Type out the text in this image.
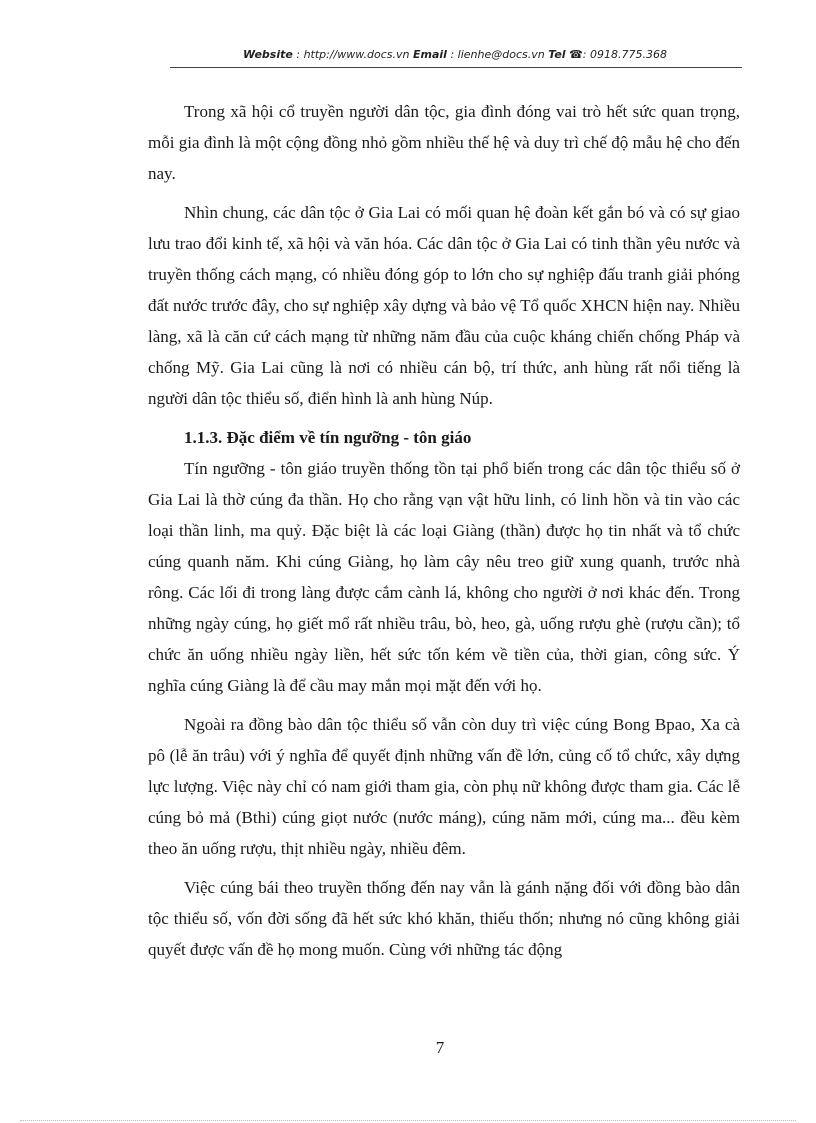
Website : http://www.docs.vn Email : lienhe@docs.vn Tel ☎: 0918.775.368

Trong xã hội cổ truyền người dân tộc, gia đình đóng vai trò hết sức quan trọng, mỗi gia đình là một cộng đồng nhỏ gồm nhiều thế hệ và duy trì chế độ mẫu hệ cho đến nay.

Nhìn chung, các dân tộc ở Gia Lai có mối quan hệ đoàn kết gắn bó và có sự giao lưu trao đổi kinh tế, xã hội và văn hóa. Các dân tộc ở Gia Lai có tinh thần yêu nước và truyền thống cách mạng, có nhiều đóng góp to lớn cho sự nghiệp đấu tranh giải phóng đất nước trước đây, cho sự nghiệp xây dựng và bảo vệ Tổ quốc XHCN hiện nay. Nhiều làng, xã là căn cứ cách mạng từ những năm đầu của cuộc kháng chiến chống Pháp và chống Mỹ. Gia Lai cũng là nơi có nhiều cán bộ, trí thức, anh hùng rất nổi tiếng là người dân tộc thiểu số, điển hình là anh hùng Núp.

1.1.3. Đặc điểm về tín ngưỡng - tôn giáo

Tín ngưỡng - tôn giáo truyền thống tồn tại phổ biến trong các dân tộc thiểu số ở Gia Lai là thờ cúng đa thần. Họ cho rằng vạn vật hữu linh, có linh hồn và tin vào các loại thần linh, ma quỷ. Đặc biệt là các loại Giàng (thần) được họ tin nhất và tổ chức cúng quanh năm. Khi cúng Giàng, họ làm cây nêu treo giữ xung quanh, trước nhà rông. Các lối đi trong làng được cắm cành lá, không cho người ở nơi khác đến. Trong những ngày cúng, họ giết mổ rất nhiều trâu, bò, heo, gà, uống rượu ghè (rượu cần); tổ chức ăn uống nhiều ngày liền, hết sức tốn kém về tiền của, thời gian, công sức. Ý nghĩa cúng Giàng là để cầu may mắn mọi mặt đến với họ.

Ngoài ra đồng bào dân tộc thiểu số vẫn còn duy trì việc cúng Bong Bpao, Xa cà pô (lễ ăn trâu) với ý nghĩa để quyết định những vấn đề lớn, củng cố tổ chức, xây dựng lực lượng. Việc này chỉ có nam giới tham gia, còn phụ nữ không được tham gia. Các lễ cúng bỏ mả (Bthi) cúng giọt nước (nước máng), cúng năm mới, cúng ma... đều kèm theo ăn uống rượu, thịt nhiều ngày, nhiều đêm.

Việc cúng bái theo truyền thống đến nay vẫn là gánh nặng đối với đồng bào dân tộc thiểu số, vốn đời sống đã hết sức khó khăn, thiếu thốn; nhưng nó cũng không giải quyết được vấn đề họ mong muốn. Cùng với những tác động

7
